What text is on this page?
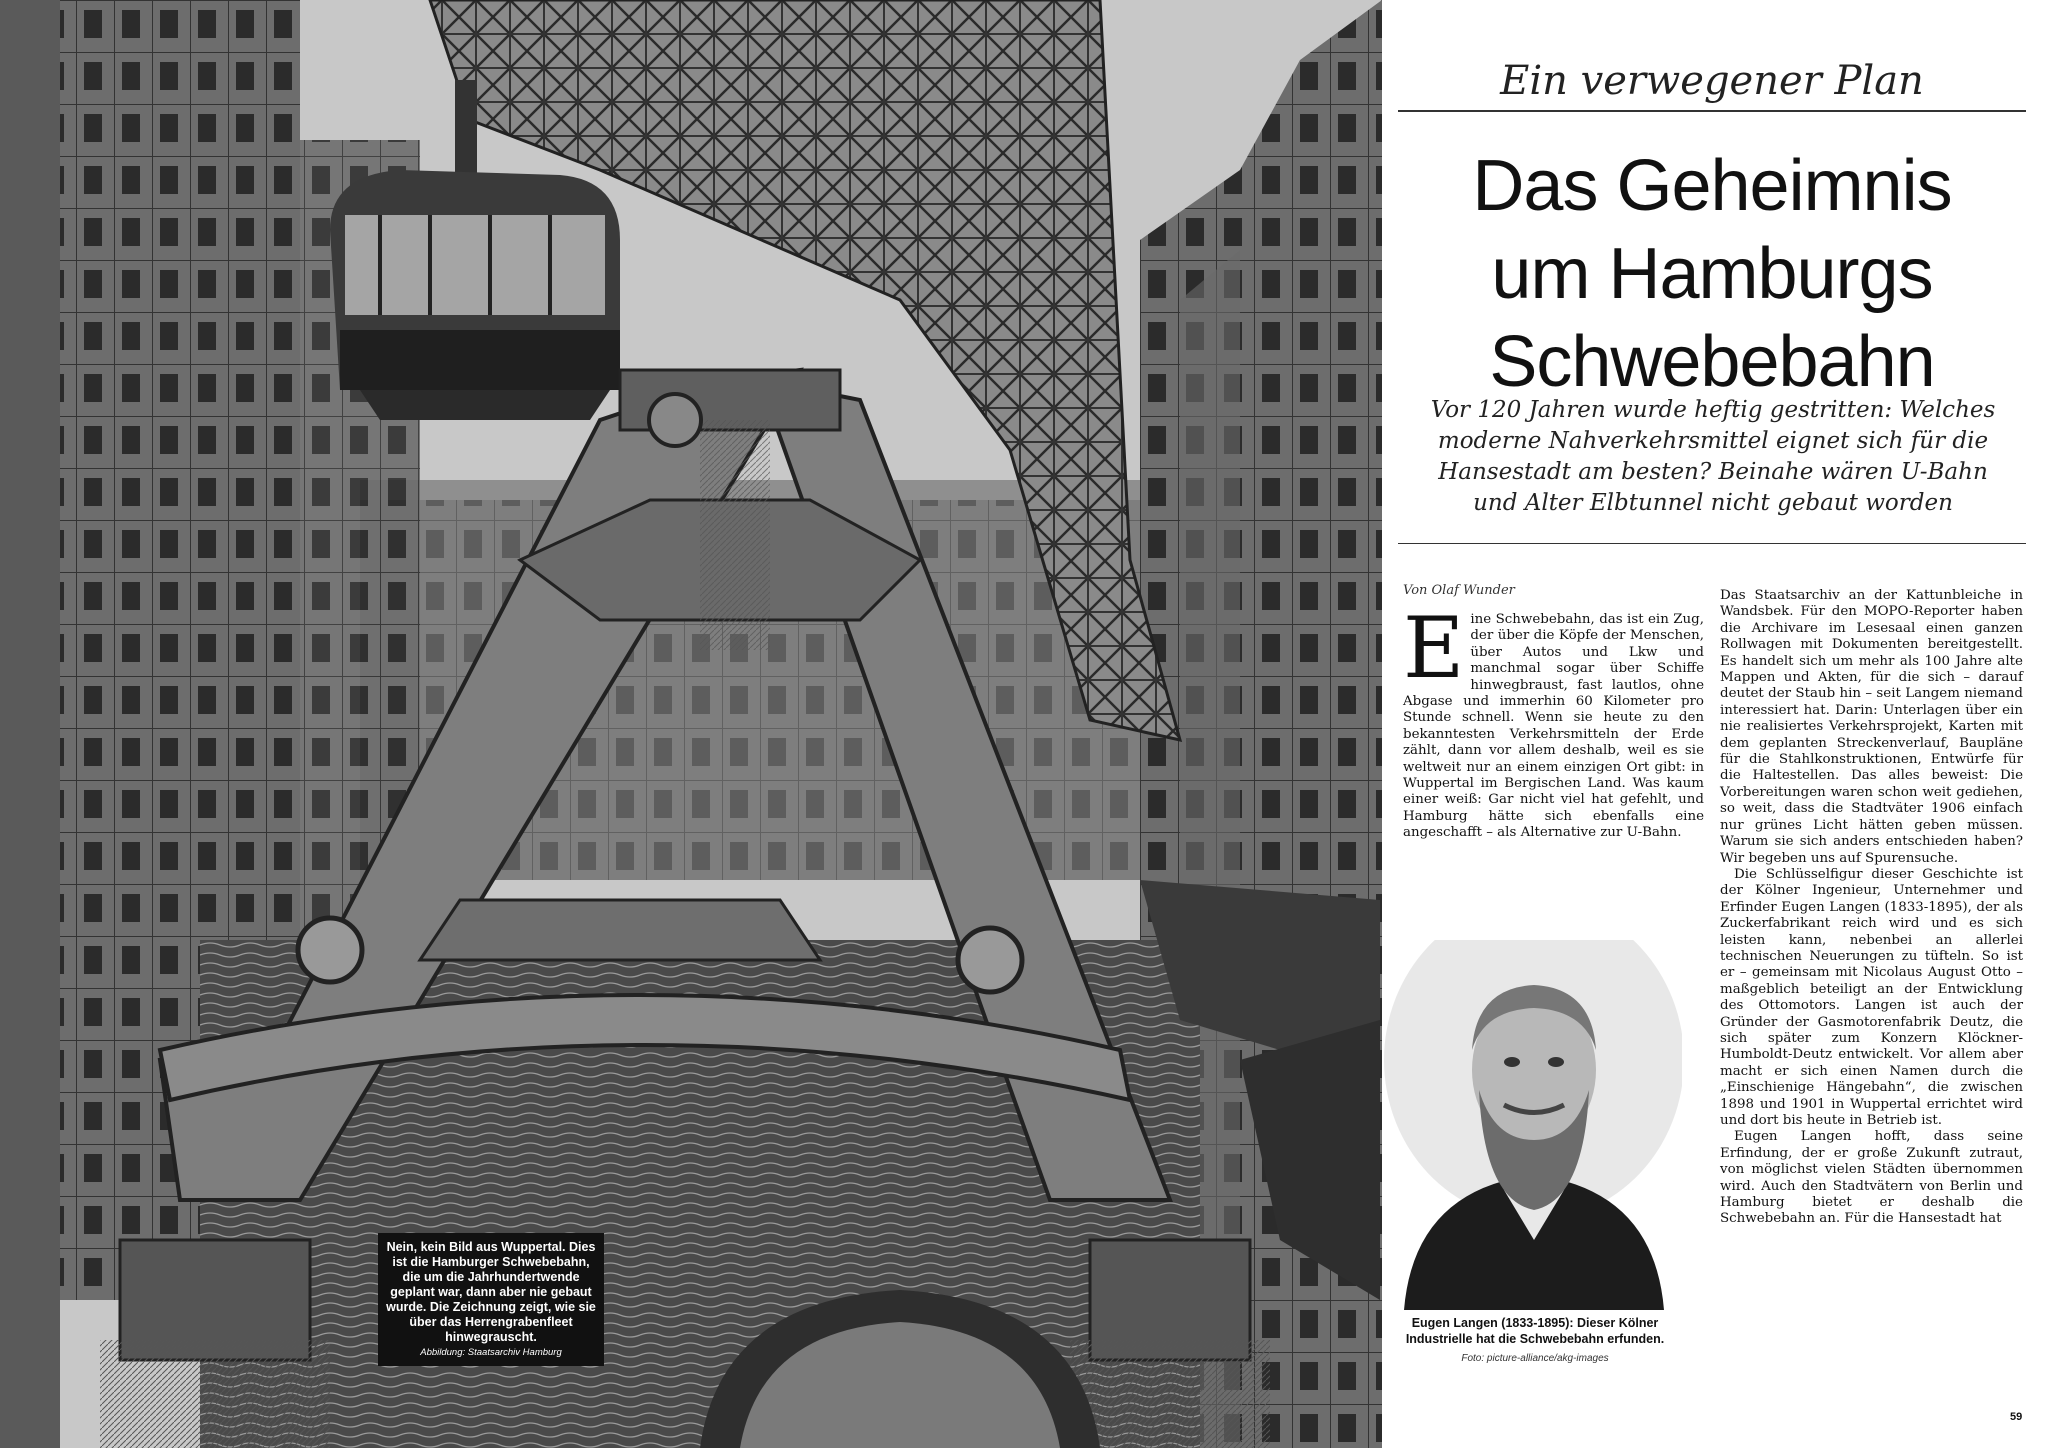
Nein, kein Bild aus Wuppertal. Dies ist die Hamburger Schwebebahn, die um die Jahrhundertwende geplant war, dann aber nie gebaut wurde. Die Zeichnung zeigt, wie sie über das Herrengrabenfleet hinwegrauscht.
Abbildung: Staatsarchiv Hamburg
Ein verwegener Plan
Das Geheimnis
um Hamburgs
Schwebebahn
Vor 120 Jahren wurde heftig gestritten: Welches moderne Nahverkehrsmittel eignet sich für die Hansestadt am besten? Beinahe wären U-Bahn und Alter Elbtunnel nicht gebaut worden
Von Olaf Wunder

Eine Schwebebahn, das ist ein Zug, der über die Köpfe der Menschen, über Autos und Lkw und manchmal sogar über Schiffe hinwegbraust, fast lautlos, ohne Abgase und immerhin 60 Kilometer pro Stunde schnell. Wenn sie heute zu den bekanntesten Verkehrsmitteln der Erde zählt, dann vor allem deshalb, weil es sie weltweit nur an einem einzigen Ort gibt: in Wuppertal im Bergischen Land. Was kaum einer weiß: Gar nicht viel hat gefehlt, und Hamburg hätte sich ebenfalls eine angeschafft – als Alternative zur U-Bahn.

Das Staatsarchiv an der Kattunbleiche in Wandsbek. Für den MOPO-Reporter haben die Archivare im Lesesaal einen ganzen Rollwagen mit Dokumenten bereitgestellt. Es handelt sich um mehr als 100 Jahre alte Mappen und Akten, für die sich – darauf deutet der Staub hin – seit Langem niemand interessiert hat. Darin: Unterlagen über ein nie realisiertes Verkehrsprojekt, Karten mit dem geplanten Streckenverlauf, Baupläne für die Stahlkonstruktionen, Entwürfe für die Haltestellen. Das alles beweist: Die Vorbereitungen waren schon weit gediehen, so weit, dass die Stadtväter 1906 einfach nur grünes Licht hätten geben müssen. Warum sie sich anders entschieden haben? Wir begeben uns auf Spurensuche.

Die Schlüsselfigur dieser Geschichte ist der Kölner Ingenieur, Unternehmer und Erfinder Eugen Langen (1833-1895), der als Zuckerfabrikant reich wird und es sich leisten kann, nebenbei an allerlei technischen Neuerungen zu tüfteln. So ist er – gemeinsam mit Nicolaus August Otto – maßgeblich beteiligt an der Entwicklung des Ottomotors. Langen ist auch der Gründer der Gasmotorenfabrik Deutz, die sich später zum Konzern Klöckner-Humboldt-Deutz entwickelt. Vor allem aber macht er sich einen Namen durch die „Einschienige Hängebahn“, die zwischen 1898 und 1901 in Wuppertal errichtet wird und dort bis heute in Betrieb ist.

Eugen Langen hofft, dass seine Erfindung, der er große Zukunft zutraut, von möglichst vielen Städten übernommen wird. Auch den Stadtvätern von Berlin und Hamburg bietet er deshalb die Schwebebahn an. Für die Hansestadt hat

Eugen Langen (1833-1895): Dieser Kölner Industrielle hat die Schwebebahn erfunden.
Foto: picture-alliance/akg-images
59
